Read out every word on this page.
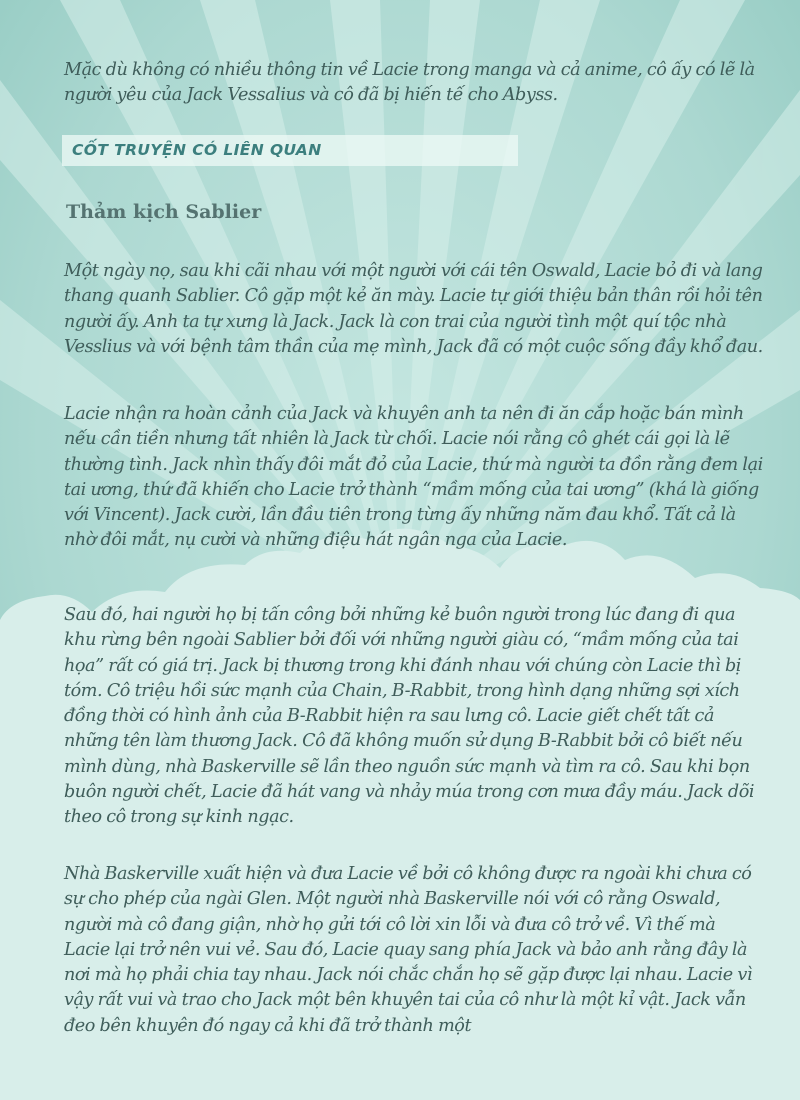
Mặc dù không có nhiều thông tin về Lacie trong manga và cả anime, cô ấy có lẽ là người yêu của Jack Vessalius và cô đã bị hiến tế cho Abyss.

CỐT TRUYỆN CÓ LIÊN QUAN
Thảm kịch Sablier

Một ngày nọ, sau khi cãi nhau với một người với cái tên Oswald, Lacie bỏ đi và lang thang quanh Sablier. Cô gặp một kẻ ăn mày. Lacie tự giới thiệu bản thân rồi hỏi tên người ấy. Anh ta tự xưng là Jack. Jack là con trai của người tình một quí tộc nhà Vesslius và với bệnh tâm thần của mẹ mình, Jack đã có một cuộc sống đầy khổ đau.

Lacie nhận ra hoàn cảnh của Jack và khuyên anh ta nên đi ăn cắp hoặc bán mình nếu cần tiền nhưng tất nhiên là Jack từ chối. Lacie nói rằng cô ghét cái gọi là lẽ thường tình. Jack nhìn thấy đôi mắt đỏ của Lacie, thứ mà người ta đồn rằng đem lại tai ương, thứ đã khiến cho Lacie trở thành “mầm mống của tai ương” (khá là giống với Vincent). Jack cười, lần đầu tiên trong từng ấy những năm đau khổ. Tất cả là nhờ đôi mắt, nụ cười và những điệu hát ngân nga của Lacie.

Sau đó, hai người họ bị tấn công bởi những kẻ buôn người trong lúc đang đi qua khu rừng bên ngoài Sablier bởi đối với những người giàu có, “mầm mống của tai họa” rất có giá trị. Jack bị thương trong khi đánh nhau với chúng còn Lacie thì bị tóm. Cô triệu hồi sức mạnh của Chain, B-Rabbit, trong hình dạng những sợi xích đồng thời có hình ảnh của B-Rabbit hiện ra sau lưng cô. Lacie giết chết tất cả những tên làm thương Jack. Cô đã không muốn sử dụng B-Rabbit bởi cô biết nếu mình dùng, nhà Baskerville sẽ lần theo nguồn sức mạnh và tìm ra cô. Sau khi bọn buôn người chết, Lacie đã hát vang và nhảy múa trong cơn mưa đầy máu. Jack dõi theo cô trong sự kinh ngạc.

Nhà Baskerville xuất hiện và đưa Lacie về bởi cô không được ra ngoài khi chưa có sự cho phép của ngài Glen. Một người nhà Baskerville nói với cô rằng Oswald, người mà cô đang giận, nhờ họ gửi tới cô lời xin lỗi và đưa cô trở về. Vì thế mà Lacie lại trở nên vui vẻ. Sau đó, Lacie quay sang phía Jack và bảo anh rằng đây là nơi mà họ phải chia tay nhau. Jack nói chắc chắn họ sẽ gặp được lại nhau. Lacie vì vậy rất vui và trao cho Jack một bên khuyên tai của cô như là một kỉ vật. Jack vẫn đeo bên khuyên đó ngay cả khi đã trở thành một
